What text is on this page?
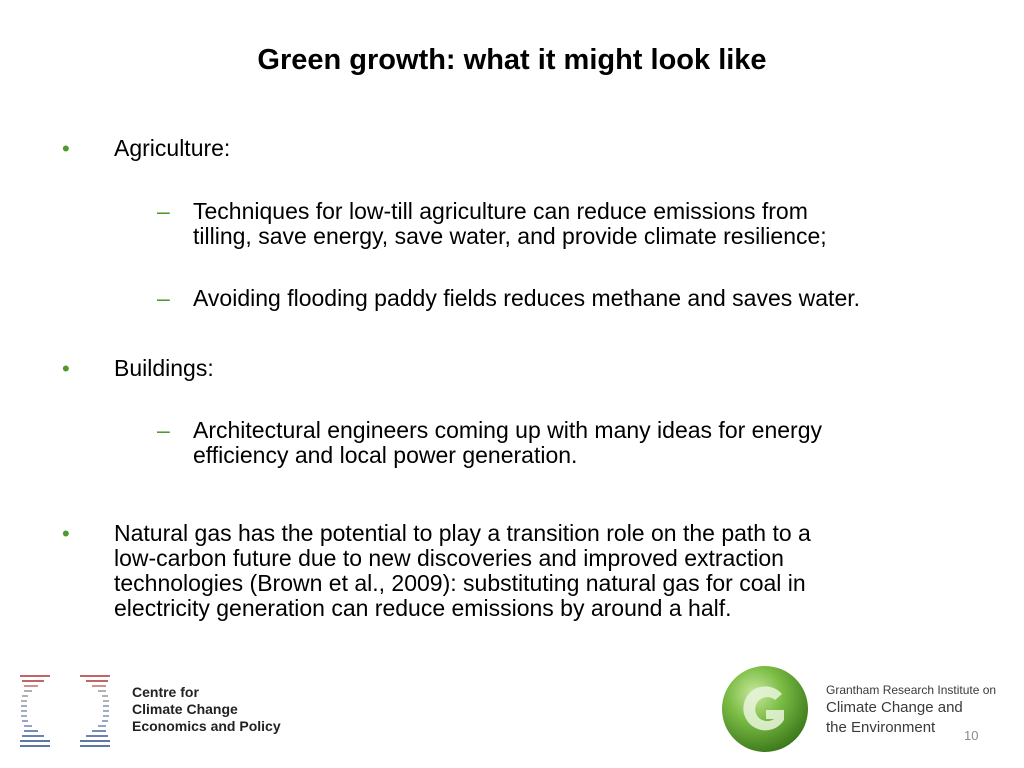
Green growth: what it might look like
• Agriculture:
– Techniques for low-till agriculture can reduce emissions from
tilling, save energy, save water, and provide climate resilience;
– Avoiding flooding paddy fields reduces methane and saves water.
• Buildings:
– Architectural engineers coming up with many ideas for energy
efficiency and local power generation.
• Natural gas has the potential to play a transition role on the path to a
low-carbon future due to new discoveries and improved extraction
technologies (Brown et al., 2009): substituting natural gas for coal in
electricity generation can reduce emissions by around a half.
Centre for
Climate Change
Economics and Policy
Grantham Research Institute on
Climate Change and
the Environment	10
